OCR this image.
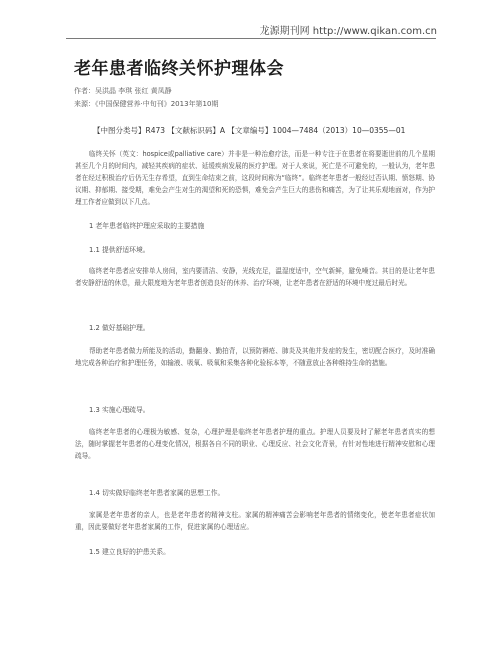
龙源期刊网 http://www.qikan.com.cn
老年患者临终关怀护理体会
作者：吴洪晶 李琪 张红 黄凤静
来源：《中国保健营养·中旬刊》2013年第10期
【中图分类号】R473 【文献标识码】A 【文章编号】1004—7484（2013）10—0355—01
临终关怀（英文：hospice或palliative care）并非是一种治愈疗法，而是一种专注于在患者在将要逝世前的几个星期甚至几个月的时间内，减轻其疾病的症状、延缓疾病发展的医疗护理。对于人来说，死亡是不可避免的，一般认为，老年患者在经过积极治疗后仍无生存希望，直到生命结束之前，这段时间称为“临终”。临终老年患者一般经过否认期、愤怒期、协议期、抑郁期、接受期，难免会产生对生的渴望和死的恐惧，难免会产生巨大的悲伤和痛苦，为了让其乐观地面对，作为护理工作者应做到以下几点。
1 老年患者临终护理应采取的主要措施
1.1 提供舒适环境。
临终老年患者应安排单人房间，室内要清洁、安静，光线充足，温湿度适中，空气新鲜，避免噪音。其目的是让老年患者安静舒适的休息，最大限度地为老年患者创造良好的休养、治疗环境，让老年患者在舒适的环境中度过最后时光。
1.2 做好基础护理。
帮助老年患者做力所能及的活动，勤翻身、勤拍背，以预防褥疮、肺炎及其他并发症的发生，密切配合医疗，及时准确地完成各种治疗和护理任务，如输液、吸氧、吸氧和采集各种化验标本等，不随意放止各种维持生命的措施。
1.3 实施心理疏导。
临终老年患者的心理极为敏感、复杂，心理护理是临终老年患者护理的重点。护理人员要及时了解老年患者真实的想法，随时掌握老年患者的心理变化情况，根据各自不同的职业、心理反应、社会文化背景，有针对性地进行精神安慰和心理疏导。
1.4 切实做好临终老年患者家属的思想工作。
家属是老年患者的亲人，也是老年患者的精神支柱。家属的精神痛苦会影响老年患者的情绪变化，使老年患者症状加重，因此要做好老年患者家属的工作，促进家属的心理适应。
1.5 建立良好的护患关系。
